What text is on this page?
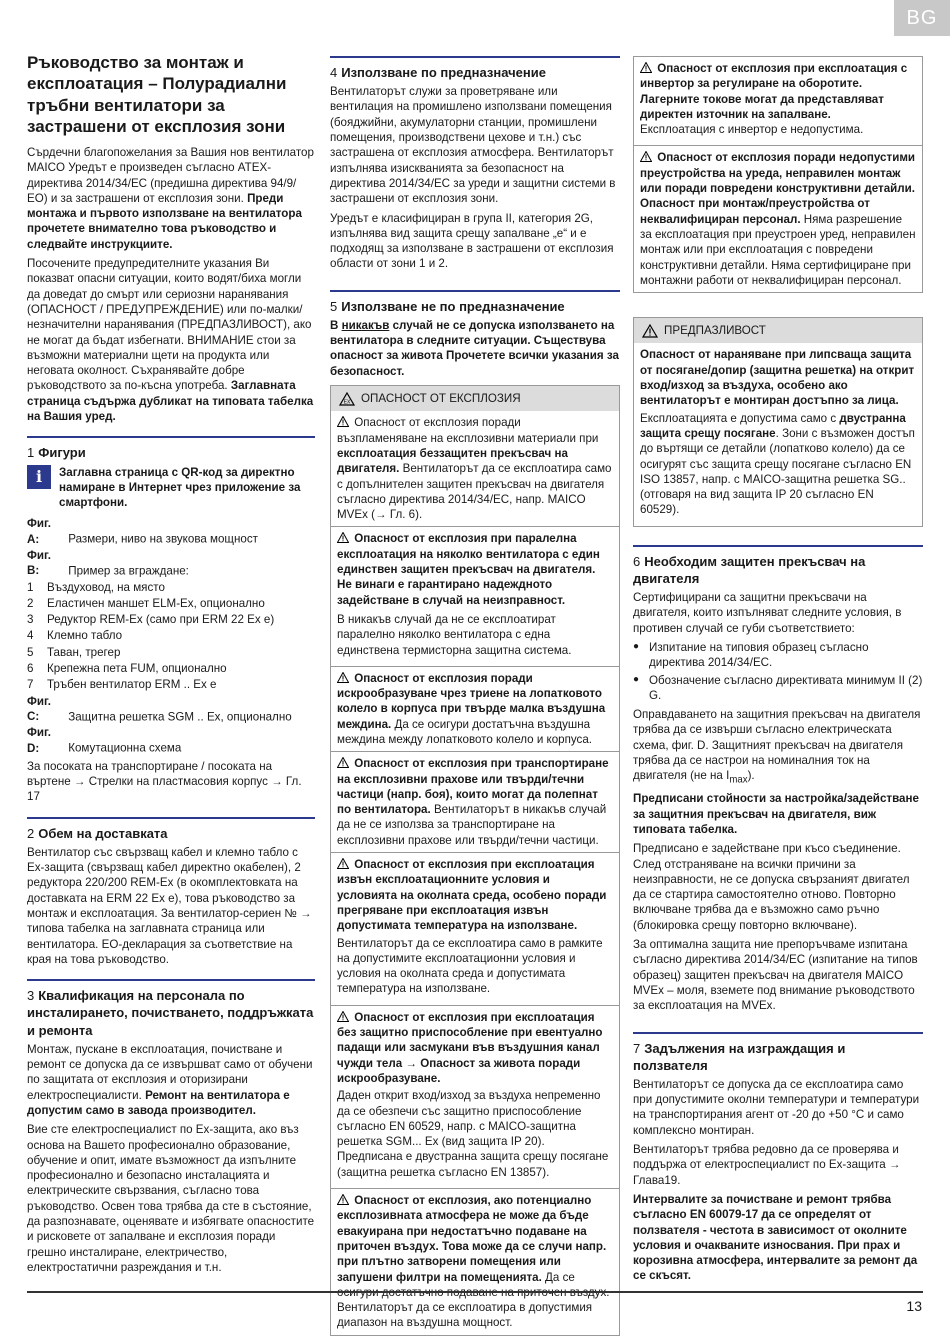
BG
Ръководство за монтаж и експлоатация – Полурадиални тръбни вентилатори за застрашени от експлозия зони

Сърдечни благопожелания за Вашия нов вентилатор MAICO Уредът е произведен съгласно ATEX-директива 2014/34/ЕС (предишна директива 94/9/ЕО) и за застрашени от експлозия зони. Преди монтажа и първото използване на вентилатора прочетете внимателно това ръководство и следвайте инструкциите.

Посочените предупредителните указания Ви показват опасни ситуации, които водят/биха могли да доведат до смърт или сериозни наранявания (ОПАСНОСТ / ПРЕДУПРЕЖДЕНИЕ) или по-малки/незначителни наранявания (ПРЕДПАЗЛИВОСТ), ако не могат да бъдат избегнати. ВНИМАНИЕ стои за възможни материални щети на продукта или неговата околност. Съхранявайте добре ръководството за по-късна употреба. Заглавната страница съдържа дубликат на типовата табелка на Вашия уред.

1 Фигури
i	Заглавна страница с QR-код за директно намиране в Интернет чрез приложение за смартфони.
Фиг. А:	Размери, ниво на звукова мощност
Фиг. В:	Пример за вграждане:
1 Въздуховод, на място
2 Еластичен маншет ELM-Ex, опционално
3 Редуктор REM-Ex (само при ERM 22 Ex e)
4 Клемно табло
5 Таван, трегер
6 Крепежна пета FUM, опционално
7 Тръбен вентилатор ERM .. Ex e
Фиг. С:	Защитна решетка SGM .. Ex, опционално
Фиг. D:	Комутационна схема

За посоката на транспортиране / посоката на въртене → Стрелки на пластмасовия корпус → Гл. 17

2 Обем на доставката

Вентилатор със свързващ кабел и клемно табло с Ех-защита (свързващ кабел директно окабелен), 2 редуктора 220/200 REM-Ex (в окомплектовката на доставката на ERM 22 Ex e), това ръководство за монтаж и експлоатация. За вентилатор-сериен № → типова табелка на заглавната страница или вентилатора. ЕО-декларация за съответствие на края на това ръководство.

3 Квалификация на персонала по инсталирането, почистването, поддръжката и ремонта

Монтаж, пускане в експлоатация, почистване и ремонт се допуска да се извършват само от обучени по защитата от експлозия и оторизирани електроспециалисти. Ремонт на вентилатора е допустим само в завода производител.

Вие сте електроспециалист по Ех-защита, ако въз основа на Вашето професионално образование, обучение и опит, имате възможност да изпълните професионално и безопасно инсталацията и електрическите свързвания, съгласно това ръководство. Освен това трябва да сте в състояние, да разпознавате, оценявате и избягвате опасностите и рисковете от запалване и експлозия поради грешно инсталиране, електричество, електростатични разреждания и т.н.

4 Използване по предназначение

Вентилаторът служи за проветряване или вентилация на промишлено използвани помещения (бояджийни, акумулаторни станции, промишлени помещения, производствени цехове и т.н.) със застрашена от експлозия атмосфера. Вентилаторът изпълнява изискванията за безопасност на директива 2014/34/ЕС за уреди и защитни системи в застрашени от експлозия зони.

Уредът е класифициран в група II, категория 2G, изпълнява вид защита срещу запалване „e“ и е подходящ за използване в застрашени от експлозия области от зони 1 и 2.

5 Използване не по предназначение

В никакъв случай не се допуска използването на вентилатора в следните ситуации. Съществува опасност за живота Прочетете всички указания за безопасност.

EX ОПАСНОСТ ОТ ЕКСПЛОЗИЯ
Опасност от експлозия поради възпламеняване на експлозивни материали при експлоатация беззащитен прекъсвач на двигателя. Вентилаторът да се експлоатира само с допълнителен защитен прекъсвач на двигателя съгласно директива 2014/34/ЕС, напр. MAICO MVEx (→ Гл. 6).
Опасност от експлозия при паралелна експлоатация на няколко вентилатора с един единствен защитен прекъсвач на двигателя. Не винаги е гарантирано надеждното задействане в случай на неизправност.

В никакъв случай да не се експлоатират паралелно няколко вентилатора с една единствена термисторна защитна система.

Опасност от експлозия поради искрообразуване чрез триене на лопатковото колело в корпуса при твърде малка въздушна междина. Да се осигури достатъчна въздушна междина между лопатковото колело и корпуса.
Опасност от експлозия при транспортиране на експлозивни прахове или твърди/течни частици (напр. боя), които могат да полепнат по вентилатора. Вентилаторът в никакъв случай да не се използва за транспортиране на експлозивни прахове или твърди/течни частици.
Опасност от експлозия при експлоатация извън експлоатационните условия и условията на околната среда, особено поради прегряване при експлоатация извън допустимата температура на използване.

Вентилаторът да се експлоатира само в рамките на допустимите експлоатационни условия и условия на околната среда и допустимата температура на използване.

Опасност от експлозия при експлоатация без защитно приспособление при евентуално падащи или засмукани във въздушния канал чужди тела → Опасност за живота поради искрообразуване.

Даден открит вход/изход за въздуха непременно да се обезпечи със защитно приспособление съгласно EN 60529, напр. с MAICO-защитна решетка SGM... Ex (вид защита IP 20). Предписана е двустранна защита срещу посягане (защитна решетка съгласно EN 13857).

Опасност от експлозия, ако потенциално експлозивната атмосфера не може да бъде евакуирана при недостатъчно подаване на приточен въздух. Това може да се случи напр. при плътно затворени помещения или запушени филтри на помещенията. Да се осигури достатъчно подаване на приточен въздух. Вентилаторът да се експлоатира в допустимия диапазон на въздушна мощност.
Опасност от експлозия при експлоатация с инвертор за регулиране на оборотите. Лагерните токове могат да представляват директен източник на запалване.

Експлоатация с инвертор е недопустима.

Опасност от експлозия поради недопустими преустройства на уреда, неправилен монтаж или поради повредени конструктивни детайли. Опасност при монтаж/преустройства от неквалифициран персонал. Няма разрешение за експлоатация при преустроен уред, неправилен монтаж или при експлоатация с повредени конструктивни детайли. Няма сертифициране при монтажни работи от неквалифициран персонал.
ПРЕДПАЗЛИВОСТ
Опасност от нараняване при липсваща защита от посягане/допир (защитна решетка) на открит вход/изход за въздуха, особено ако вентилаторът е монтиран достъпно за лица.

Експлоатацията е допустима само с двустранна защита срещу посягане. Зони с възможен достъп до въртящи се детайли (лопатково колело) да се осигурят със защита срещу посягане съгласно EN ISO 13857, напр. с MAICO-защитна решетка SG.. (отговаря на вид защита IP 20 съгласно EN 60529).

6 Необходим защитен прекъсвач на двигателя

Сертифицирани са защитни прекъсвачи на двигателя, които изпълняват следните условия, в противен случай се губи съответствието:

● Изпитание на типовия образец съгласно директива 2014/34/ЕС.
● Обозначение съгласно директивата минимум II (2) G.

Оправдаването на защитния прекъсвач на двигателя трябва да се извърши съгласно електрическата схема, фиг. D. Защитният прекъсвач на двигателя трябва да се настрои на номиналния ток на двигателя (не на $I_{max}$).

Предписани стойности за настройка/задействане за защитния прекъсвач на двигателя, виж типовата табелка.

Предписано е задействане при късо съединение. След отстраняване на всички причини за неизправности, не се допуска свързаният двигател да се стартира самостоятелно отново. Повторно включване трябва да е възможно само ръчно (блокировка срещу повторно включване).

За оптимална защита ние препоръчваме изпитана съгласно директива 2014/34/ЕС (изпитание на типов образец) защитен прекъсвач на двигателя MAICO MVEx – моля, вземете под внимание ръководството за експлоатация на MVEx.

7 Задължения на изграждащия и ползвателя

Вентилаторът се допуска да се експлоатира само при допустимите околни температури и температури на транспортирания агент от -20 до +50 °C и само комплексно монтиран.

Вентилаторът трябва редовно да се проверява и поддържа от електроспециалист по Ех-защита → Глава19.

Интервалите за почистване и ремонт трябва съгласно EN 60079-17 да се определят от ползвателя - честота в зависимост от околните условия и очакваните износвания. При прах и корозивна атмосфера, интервалите за ремонт да се скъсят.

13
